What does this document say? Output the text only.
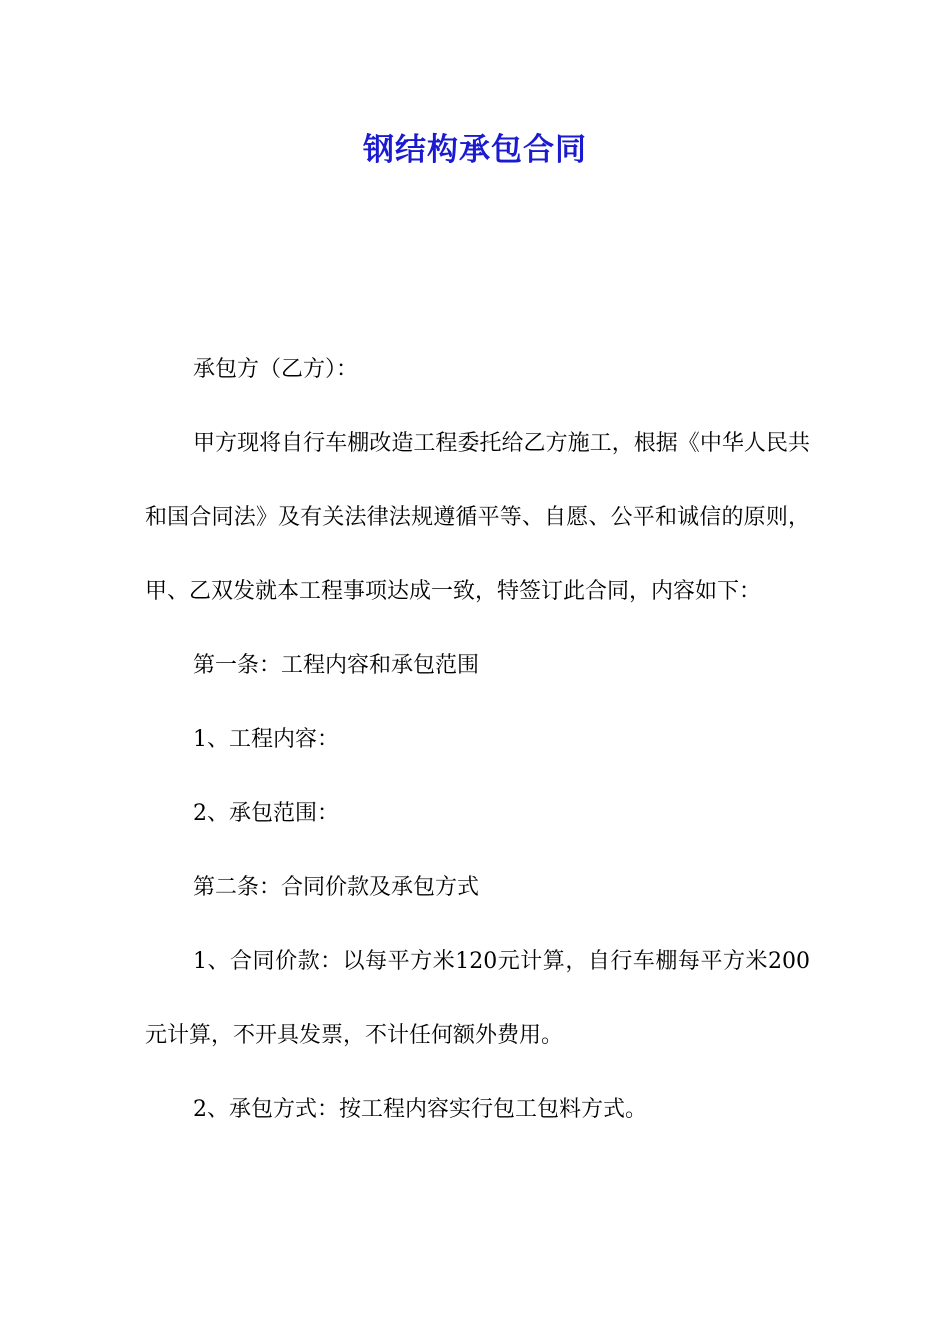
钢结构承包合同

承包方（乙方）：

甲方现将自行车棚改造工程委托给乙方施工，根据《中华人民共和国合同法》及有关法律法规遵循平等、自愿、公平和诚信的原则，甲、乙双发就本工程事项达成一致，特签订此合同，内容如下：

第一条：工程内容和承包范围

1、工程内容：

2、承包范围：

第二条：合同价款及承包方式

1、合同价款：以每平方米120元计算，自行车棚每平方米200元计算，不开具发票，不计任何额外费用。

2、承包方式：按工程内容实行包工包料方式。
